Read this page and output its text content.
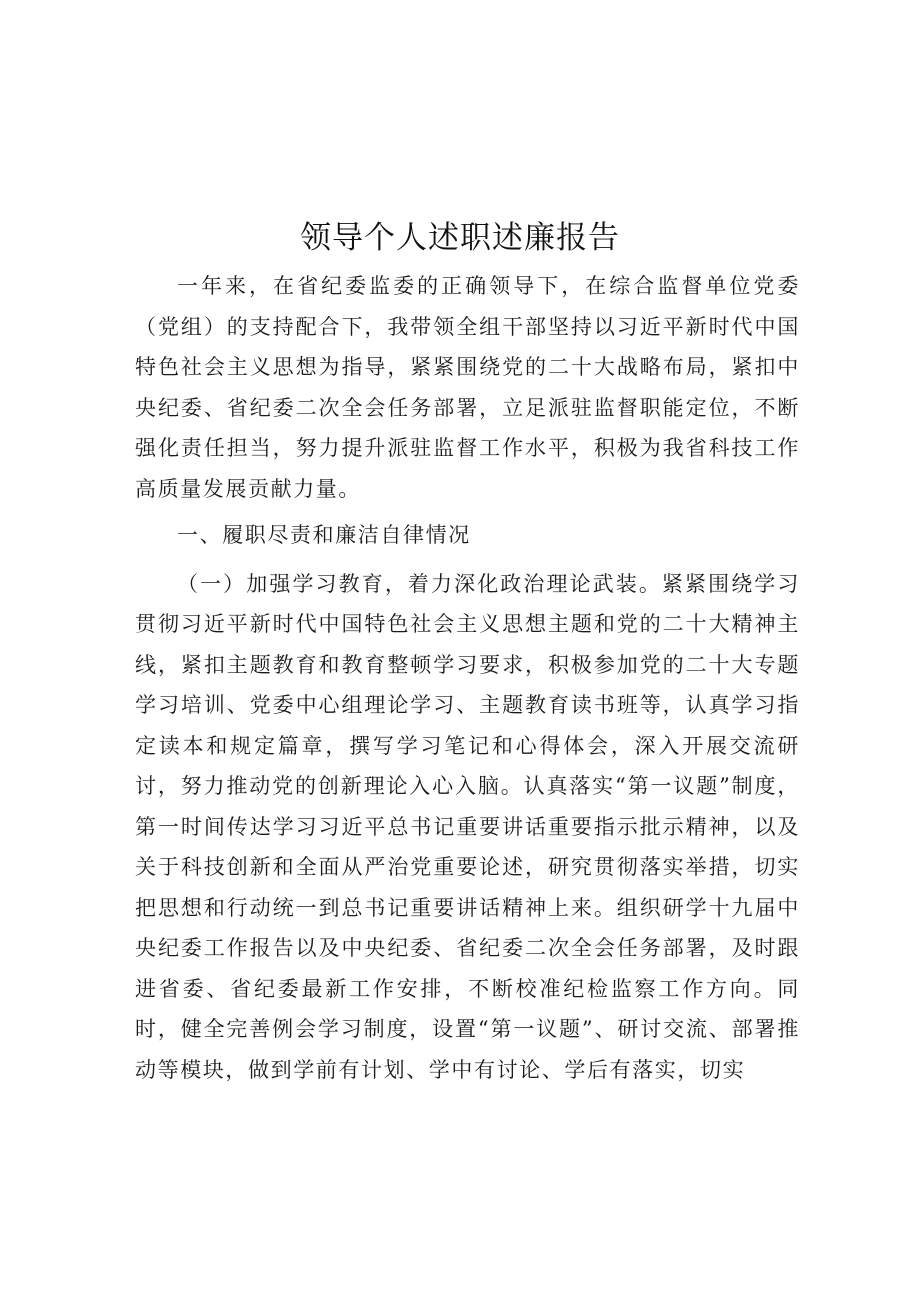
领导个人述职述廉报告

一年来，在省纪委监委的正确领导下，在综合监督单位党委（党组）的支持配合下，我带领全组干部坚持以习近平新时代中国特色社会主义思想为指导，紧紧围绕党的二十大战略布局，紧扣中央纪委、省纪委二次全会任务部署，立足派驻监督职能定位，不断强化责任担当，努力提升派驻监督工作水平，积极为我省科技工作高质量发展贡献力量。

一、履职尽责和廉洁自律情况

（一）加强学习教育，着力深化政治理论武装。紧紧围绕学习贯彻习近平新时代中国特色社会主义思想主题和党的二十大精神主线，紧扣主题教育和教育整顿学习要求，积极参加党的二十大专题学习培训、党委中心组理论学习、主题教育读书班等，认真学习指定读本和规定篇章，撰写学习笔记和心得体会，深入开展交流研讨，努力推动党的创新理论入心入脑。认真落实“第一议题”制度，第一时间传达学习习近平总书记重要讲话重要指示批示精神，以及关于科技创新和全面从严治党重要论述，研究贯彻落实举措，切实把思想和行动统一到总书记重要讲话精神上来。组织研学十九届中央纪委工作报告以及中央纪委、省纪委二次全会任务部署，及时跟进省委、省纪委最新工作安排，不断校准纪检监察工作方向。同时，健全完善例会学习制度，设置“第一议题”、研讨交流、部署推动等模块，做到学前有计划、学中有讨论、学后有落实，切实
